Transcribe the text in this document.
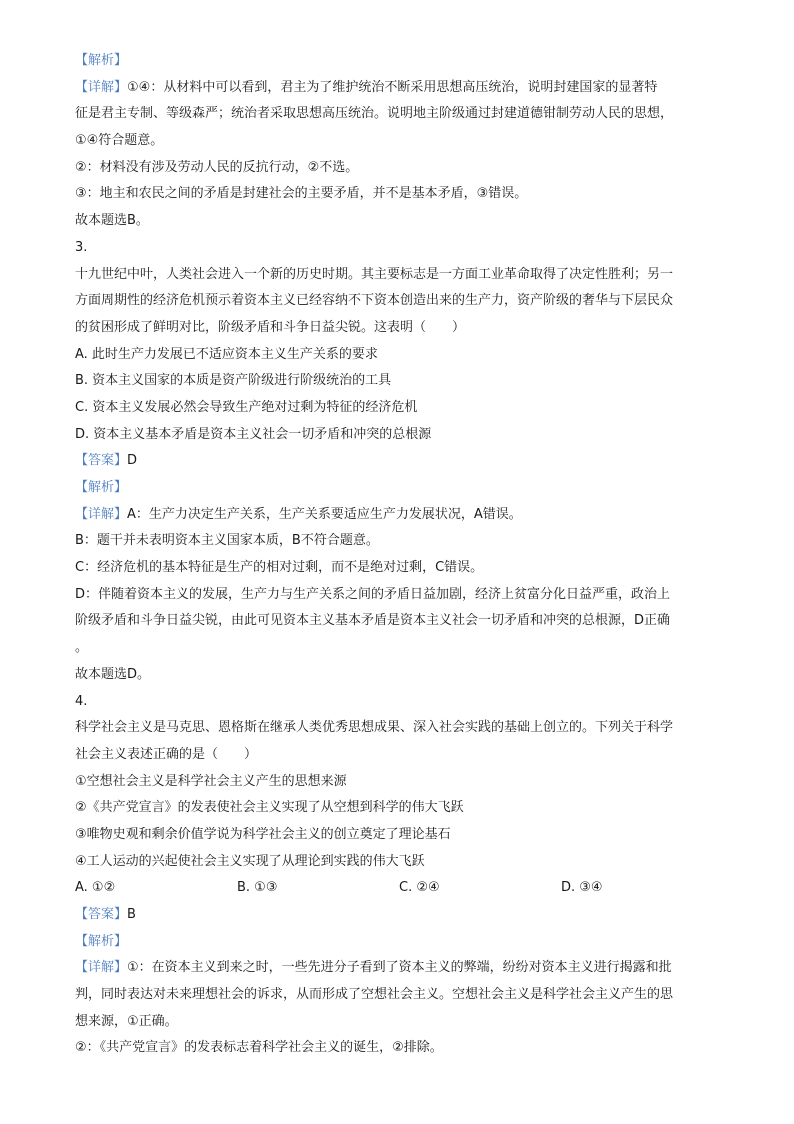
【解析】
【详解】①④：从材料中可以看到，君主为了维护统治不断采用思想高压统治，说明封建国家的显著特
征是君主专制、等级森严；统治者采取思想高压统治。说明地主阶级通过封建道德钳制劳动人民的思想，
①④符合题意。
②：材料没有涉及劳动人民的反抗行动，②不选。
③：地主和农民之间的矛盾是封建社会的主要矛盾，并不是基本矛盾，③错误。
故本题选B。
3.
十九世纪中叶，人类社会进入一个新的历史时期。其主要标志是一方面工业革命取得了决定性胜利；另一
方面周期性的经济危机预示着资本主义已经容纳不下资本创造出来的生产力，资产阶级的奢华与下层民众
的贫困形成了鲜明对比，阶级矛盾和斗争日益尖锐。这表明（　　）
A. 此时生产力发展已不适应资本主义生产关系的要求
B. 资本主义国家的本质是资产阶级进行阶级统治的工具
C. 资本主义发展必然会导致生产绝对过剩为特征的经济危机
D. 资本主义基本矛盾是资本主义社会一切矛盾和冲突的总根源
【答案】D
【解析】
【详解】A：生产力决定生产关系，生产关系要适应生产力发展状况，A错误。
B：题干并未表明资本主义国家本质，B不符合题意。
C：经济危机的基本特征是生产的相对过剩，而不是绝对过剩，C错误。
D：伴随着资本主义的发展，生产力与生产关系之间的矛盾日益加剧，经济上贫富分化日益严重，政治上
阶级矛盾和斗争日益尖锐，由此可见资本主义基本矛盾是资本主义社会一切矛盾和冲突的总根源，D正确
。
故本题选D。
4.
科学社会主义是马克思、恩格斯在继承人类优秀思想成果、深入社会实践的基础上创立的。下列关于科学
社会主义表述正确的是（　　）
①空想社会主义是科学社会主义产生的思想来源
②《共产党宣言》的发表使社会主义实现了从空想到科学的伟大飞跃
③唯物史观和剩余价值学说为科学社会主义的创立奠定了理论基石
④工人运动的兴起使社会主义实现了从理论到实践的伟大飞跃
A. ①②	B. ①③	C. ②④	D. ③④
【答案】B
【解析】
【详解】①：在资本主义到来之时，一些先进分子看到了资本主义的弊端，纷纷对资本主义进行揭露和批
判，同时表达对未来理想社会的诉求，从而形成了空想社会主义。空想社会主义是科学社会主义产生的思
想来源，①正确。
②：《共产党宣言》的发表标志着科学社会主义的诞生，②排除。
